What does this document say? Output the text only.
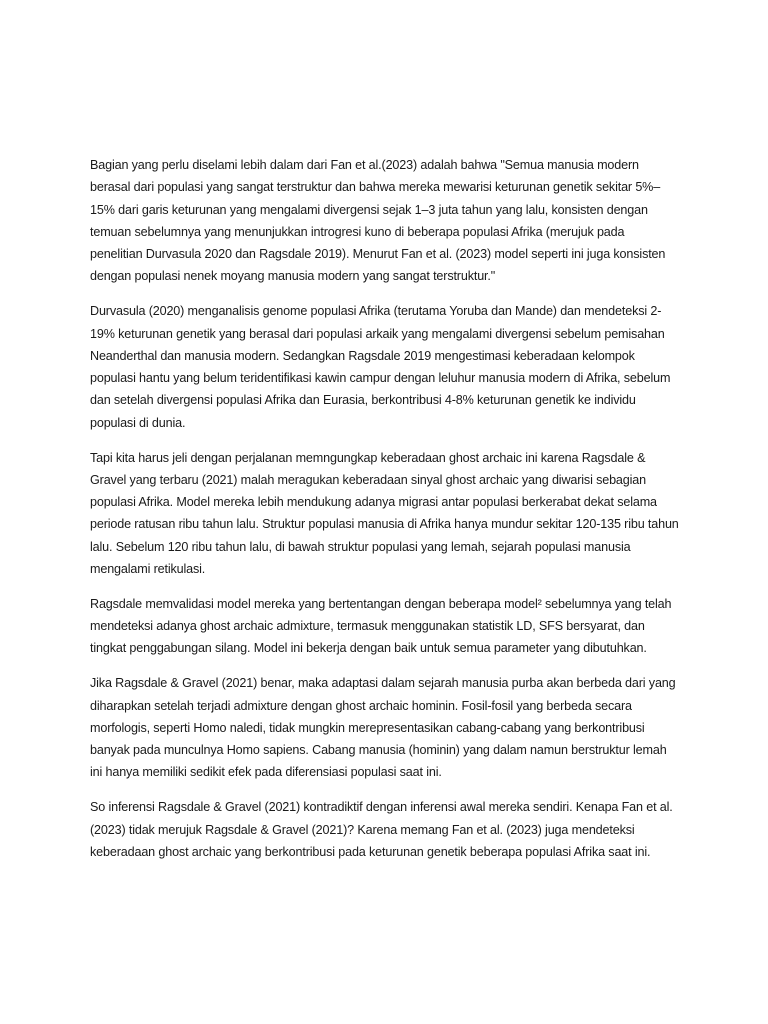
Bagian yang perlu diselami lebih dalam dari Fan et al.(2023) adalah bahwa "Semua manusia modern berasal dari populasi yang sangat terstruktur dan bahwa mereka mewarisi keturunan genetik sekitar 5%–15% dari garis keturunan yang mengalami divergensi sejak 1–3 juta tahun yang lalu, konsisten dengan temuan sebelumnya yang menunjukkan introgresi kuno di beberapa populasi Afrika (merujuk pada penelitian Durvasula 2020 dan Ragsdale 2019). Menurut Fan et al. (2023) model seperti ini juga konsisten dengan populasi nenek moyang manusia modern yang sangat terstruktur."

Durvasula (2020) menganalisis genome populasi Afrika (terutama Yoruba dan Mande) dan mendeteksi 2-19% keturunan genetik yang berasal dari populasi arkaik yang mengalami divergensi sebelum pemisahan Neanderthal dan manusia modern. Sedangkan Ragsdale 2019 mengestimasi keberadaan kelompok populasi hantu yang belum teridentifikasi kawin campur dengan leluhur manusia modern di Afrika, sebelum dan setelah divergensi populasi Afrika dan Eurasia, berkontribusi 4-8% keturunan genetik ke individu populasi di dunia.

Tapi kita harus jeli dengan perjalanan memngungkap keberadaan ghost archaic ini karena Ragsdale & Gravel yang terbaru (2021) malah meragukan keberadaan sinyal ghost archaic yang diwarisi sebagian populasi Afrika. Model mereka lebih mendukung adanya migrasi antar populasi berkerabat dekat selama periode ratusan ribu tahun lalu. Struktur populasi manusia di Afrika hanya mundur sekitar 120-135 ribu tahun lalu. Sebelum 120 ribu tahun lalu, di bawah struktur populasi yang lemah, sejarah populasi manusia mengalami retikulasi.

Ragsdale memvalidasi model mereka yang bertentangan dengan beberapa model² sebelumnya yang telah mendeteksi adanya ghost archaic admixture, termasuk menggunakan statistik LD, SFS bersyarat, dan tingkat penggabungan silang. Model ini bekerja dengan baik untuk semua parameter yang dibutuhkan.

Jika Ragsdale & Gravel (2021) benar, maka adaptasi dalam sejarah manusia purba akan berbeda dari yang diharapkan setelah terjadi admixture dengan ghost archaic hominin. Fosil-fosil yang berbeda secara morfologis, seperti Homo naledi, tidak mungkin merepresentasikan cabang-cabang yang berkontribusi banyak pada munculnya Homo sapiens. Cabang manusia (hominin) yang dalam namun berstruktur lemah ini hanya memiliki sedikit efek pada diferensiasi populasi saat ini.

So inferensi Ragsdale & Gravel (2021) kontradiktif dengan inferensi awal mereka sendiri. Kenapa Fan et al. (2023) tidak merujuk Ragsdale & Gravel (2021)? Karena memang Fan et al. (2023) juga mendeteksi keberadaan ghost archaic yang berkontribusi pada keturunan genetik beberapa populasi Afrika saat ini.
